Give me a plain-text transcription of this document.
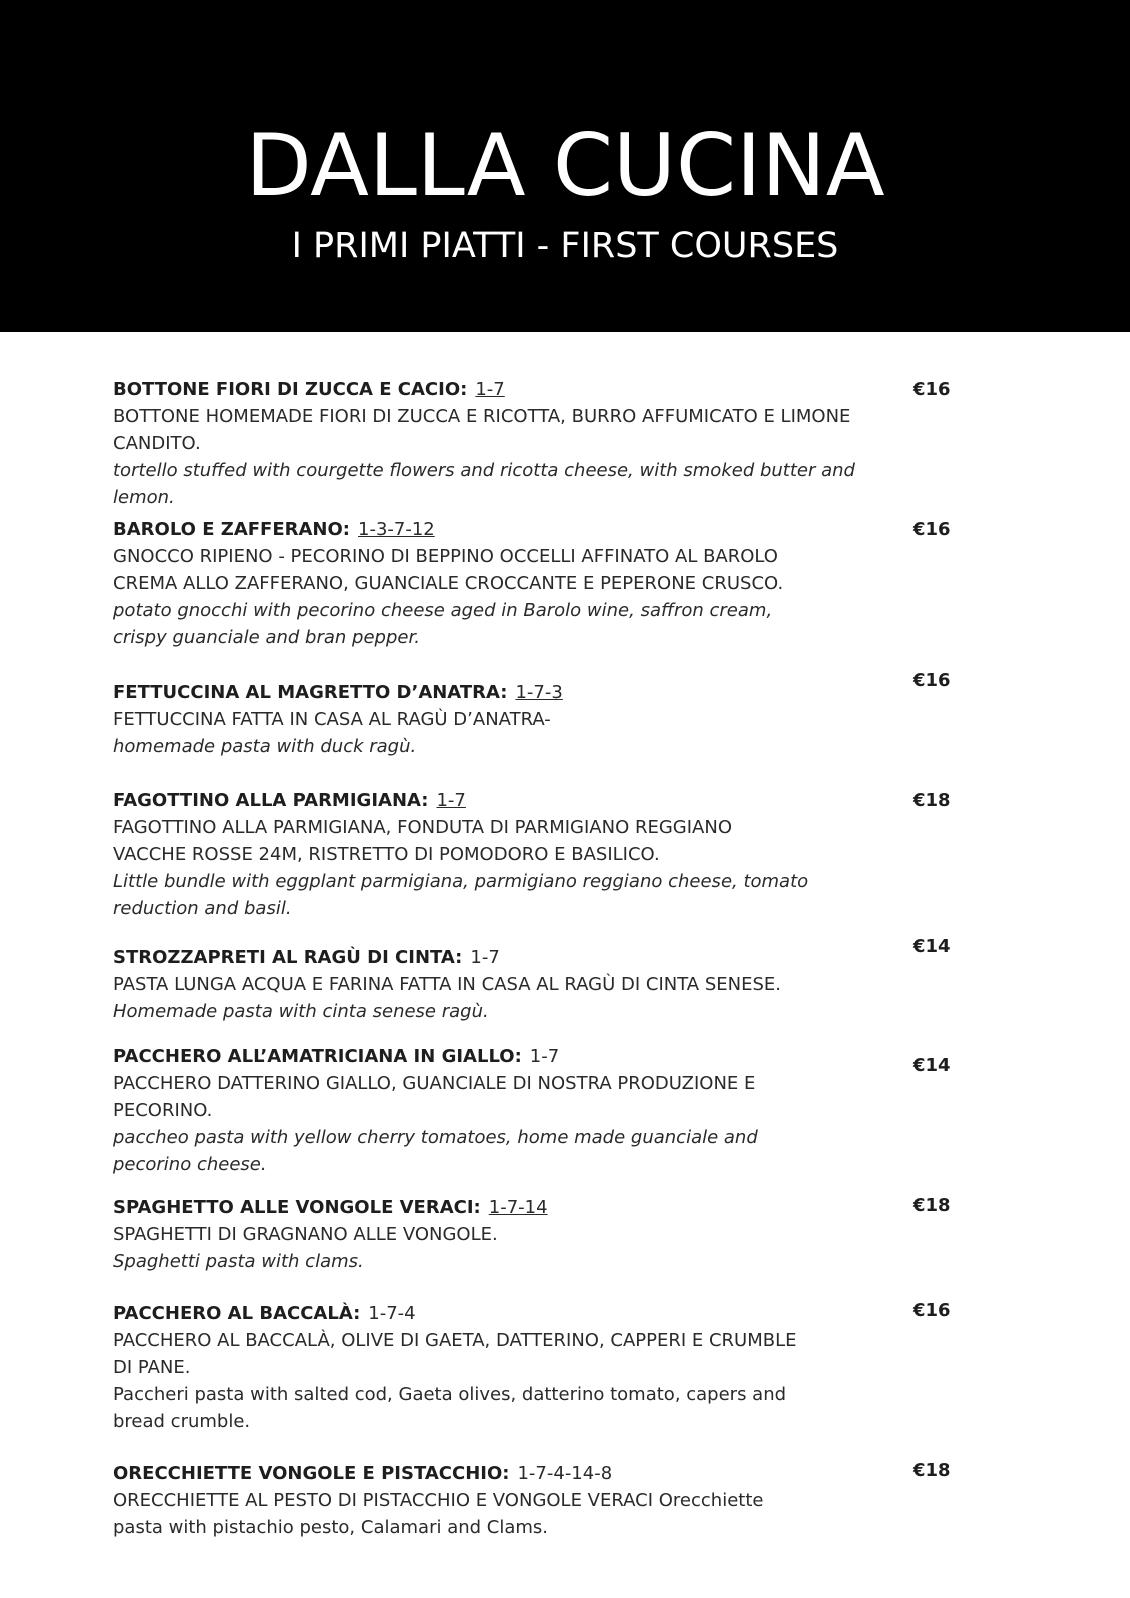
DALLA CUCINA
I PRIMI PIATTI - FIRST COURSES
BOTTONE FIORI DI ZUCCA E CACIO: 1-7
BOTTONE HOMEMADE FIORI DI ZUCCA E RICOTTA, BURRO AFFUMICATO E LIMONE
CANDITO.
tortello stuffed with courgette flowers and ricotta cheese, with smoked butter and
lemon.
€16
BAROLO E ZAFFERANO: 1-3-7-12
GNOCCO RIPIENO - PECORINO DI BEPPINO OCCELLI AFFINATO AL BAROLO
CREMA ALLO ZAFFERANO, GUANCIALE CROCCANTE E PEPERONE CRUSCO.
potato gnocchi with pecorino cheese aged in Barolo wine, saffron cream,
crispy guanciale and bran pepper.
€16
FETTUCCINA AL MAGRETTO D’ANATRA: 1-7-3
FETTUCCINA FATTA IN CASA AL RAGÙ D’ANATRA-
homemade pasta with duck ragù.
€16
FAGOTTINO ALLA PARMIGIANA: 1-7
FAGOTTINO ALLA PARMIGIANA, FONDUTA DI PARMIGIANO REGGIANO
VACCHE ROSSE 24M, RISTRETTO DI POMODORO E BASILICO.
Little bundle with eggplant parmigiana, parmigiano reggiano cheese, tomato
reduction and basil.
€18
STROZZAPRETI AL RAGÙ DI CINTA: 1-7
PASTA LUNGA ACQUA E FARINA FATTA IN CASA AL RAGÙ DI CINTA SENESE.
Homemade pasta with cinta senese ragù.
€14
PACCHERO ALL’AMATRICIANA IN GIALLO: 1-7
PACCHERO DATTERINO GIALLO, GUANCIALE DI NOSTRA PRODUZIONE E
PECORINO.
paccheo pasta with yellow cherry tomatoes, home made guanciale and
pecorino cheese.
€14
SPAGHETTO ALLE VONGOLE VERACI: 1-7-14
SPAGHETTI DI GRAGNANO ALLE VONGOLE.
Spaghetti pasta with clams.
€18
PACCHERO AL BACCALÀ: 1-7-4
PACCHERO AL BACCALÀ, OLIVE DI GAETA, DATTERINO, CAPPERI E CRUMBLE
DI PANE.
Paccheri pasta with salted cod, Gaeta olives, datterino tomato, capers and
bread crumble.
€16
ORECCHIETTE VONGOLE E PISTACCHIO: 1-7-4-14-8
ORECCHIETTE AL PESTO DI PISTACCHIO E VONGOLE VERACI Orecchiette
pasta with pistachio pesto, Calamari and Clams.
€18
